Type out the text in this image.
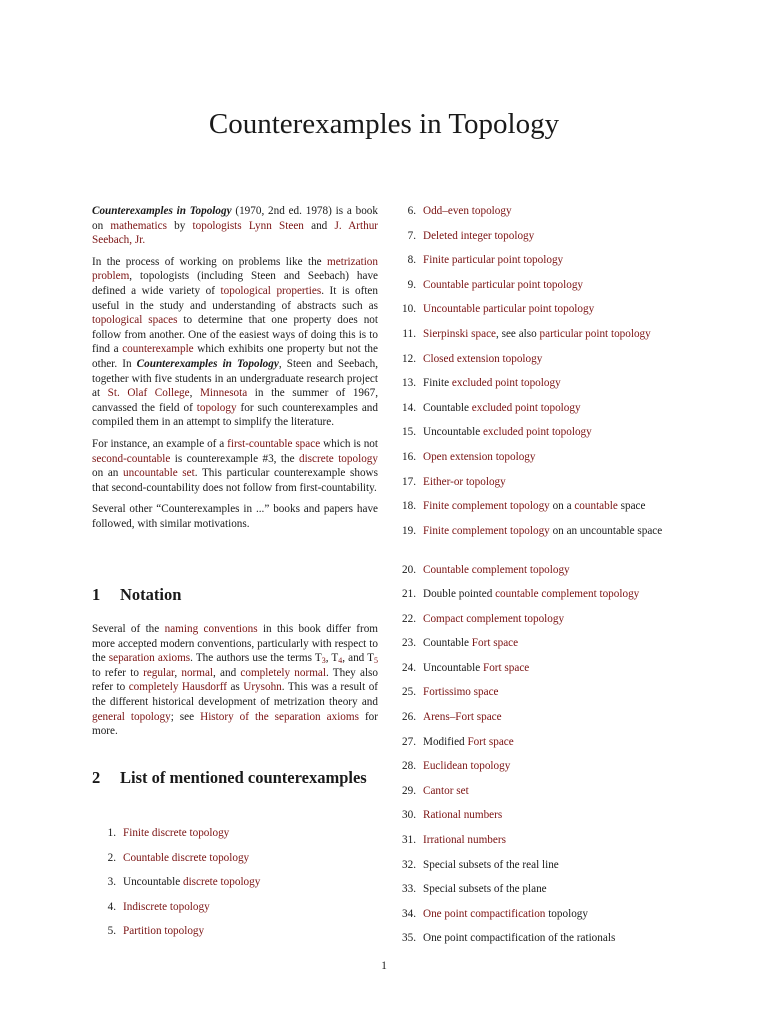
Counterexamples in Topology

Counterexamples in Topology (1970, 2nd ed. 1978) is a book on mathematics by topologists Lynn Steen and J. Arthur Seebach, Jr.

In the process of working on problems like the metrization problem, topologists (including Steen and Seebach) have defined a wide variety of topological properties. It is often useful in the study and understanding of abstracts such as topological spaces to determine that one property does not follow from another. One of the easiest ways of doing this is to find a counterexample which exhibits one property but not the other. In Counterexamples in Topology, Steen and Seebach, together with five students in an undergraduate research project at St. Olaf College, Minnesota in the summer of 1967, canvassed the field of topology for such counterexamples and compiled them in an attempt to simplify the literature.

For instance, an example of a first-countable space which is not second-countable is counterexample #3, the discrete topology on an uncountable set. This particular counterexample shows that second-countability does not follow from first-countability.

Several other “Counterexamples in ...” books and papers have followed, with similar motivations.

1	Notation

Several of the naming conventions in this book differ from more accepted modern conventions, particularly with respect to the separation axioms. The authors use the terms $T_3$, $T_4$, and $T_5$ to refer to regular, normal, and completely normal. They also refer to completely Hausdorff as Urysohn. This was a result of the different historical development of metrization theory and general topology; see History of the separation axioms for more.

2	List of mentioned counterexamples
1. Finite discrete topology
2. Countable discrete topology
3. Uncountable discrete topology
4. Indiscrete topology
5. Partition topology
6. Odd–even topology
7. Deleted integer topology
8. Finite particular point topology
9. Countable particular point topology
10. Uncountable particular point topology
11. Sierpinski space, see also particular point topology
12. Closed extension topology
13. Finite excluded point topology
14. Countable excluded point topology
15. Uncountable excluded point topology
16. Open extension topology
17. Either-or topology
18. Finite complement topology on a countable space
19. Finite complement topology on an uncountable space
20. Countable complement topology
21. Double pointed countable complement topology
22. Compact complement topology
23. Countable Fort space
24. Uncountable Fort space
25. Fortissimo space
26. Arens–Fort space
27. Modified Fort space
28. Euclidean topology
29. Cantor set
30. Rational numbers
31. Irrational numbers
32. Special subsets of the real line
33. Special subsets of the plane
34. One point compactification topology
35. One point compactification of the rationals
1
